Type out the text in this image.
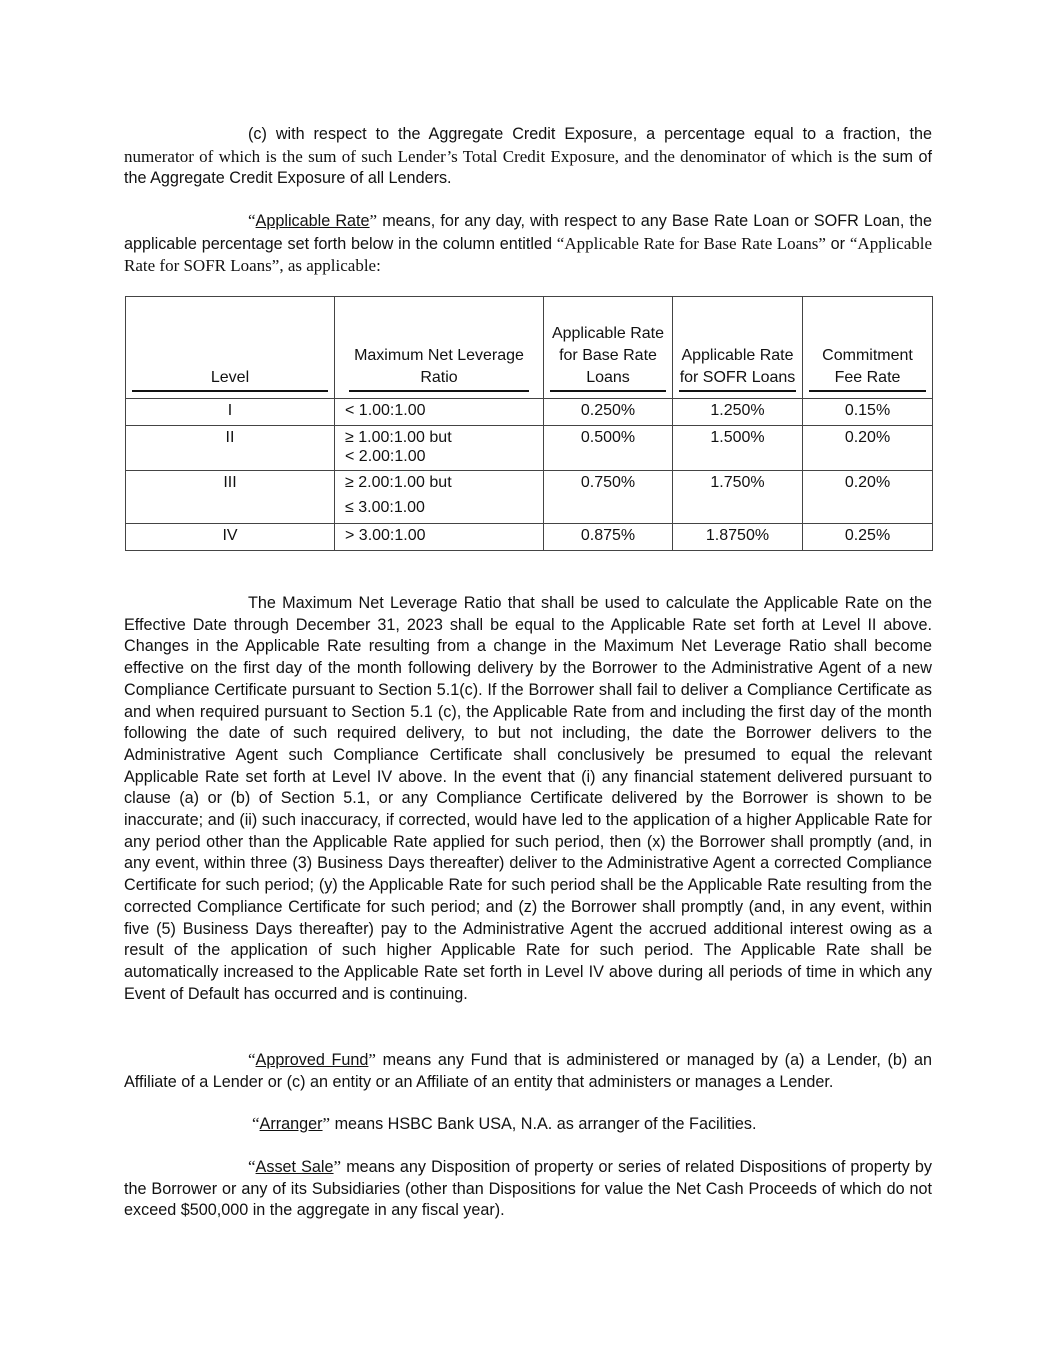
(c) with respect to the Aggregate Credit Exposure, a percentage equal to a fraction, the numerator of which is the sum of such Lender’s Total Credit Exposure, and the denominator of which is the sum of the Aggregate Credit Exposure of all Lenders.

“Applicable Rate” means, for any day, with respect to any Base Rate Loan or SOFR Loan, the applicable percentage set forth below in the column entitled “Applicable Rate for Base Rate Loans” or “Applicable Rate for SOFR Loans”, as applicable:

Level	Maximum Net Leverage Ratio	Applicable Rate for Base Rate Loans	Applicable Rate for SOFR Loans	Commitment Fee Rate

I	< 1.00:1.00	0.250%	1.250%	0.15%
II	≥ 1.00:1.00 but
< 2.00:1.00	0.500%	1.500%	0.20%
III	≥ 2.00:1.00 but
≤ 3.00:1.00	0.750%	1.750%	0.20%
IV	> 3.00:1.00	0.875%	1.8750%	0.25%

The Maximum Net Leverage Ratio that shall be used to calculate the Applicable Rate on the Effective Date through December 31, 2023 shall be equal to the Applicable Rate set forth at Level II above. Changes in the Applicable Rate resulting from a change in the Maximum Net Leverage Ratio shall become effective on the first day of the month following delivery by the Borrower to the Administrative Agent of a new Compliance Certificate pursuant to Section 5.1(c). If the Borrower shall fail to deliver a Compliance Certificate as and when required pursuant to Section 5.1 (c), the Applicable Rate from and including the first day of the month following the date of such required delivery, to but not including, the date the Borrower delivers to the Administrative Agent such Compliance Certificate shall conclusively be presumed to equal the relevant Applicable Rate set forth at Level IV above. In the event that (i) any financial statement delivered pursuant to clause (a) or (b) of Section 5.1, or any Compliance Certificate delivered by the Borrower is shown to be inaccurate; and (ii) such inaccuracy, if corrected, would have led to the application of a higher Applicable Rate for any period other than the Applicable Rate applied for such period, then (x) the Borrower shall promptly (and, in any event, within three (3) Business Days thereafter) deliver to the Administrative Agent a corrected Compliance Certificate for such period; (y) the Applicable Rate for such period shall be the Applicable Rate resulting from the corrected Compliance Certificate for such period; and (z) the Borrower shall promptly (and, in any event, within five (5) Business Days thereafter) pay to the Administrative Agent the accrued additional interest owing as a result of the application of such higher Applicable Rate for such period. The Applicable Rate shall be automatically increased to the Applicable Rate set forth in Level IV above during all periods of time in which any Event of Default has occurred and is continuing.

“Approved Fund” means any Fund that is administered or managed by (a) a Lender, (b) an Affiliate of a Lender or (c) an entity or an Affiliate of an entity that administers or manages a Lender.

“Arranger” means HSBC Bank USA, N.A. as arranger of the Facilities.

“Asset Sale” means any Disposition of property or series of related Dispositions of property by the Borrower or any of its Subsidiaries (other than Dispositions for value the Net Cash Proceeds of which do not exceed $500,000 in the aggregate in any fiscal year).
